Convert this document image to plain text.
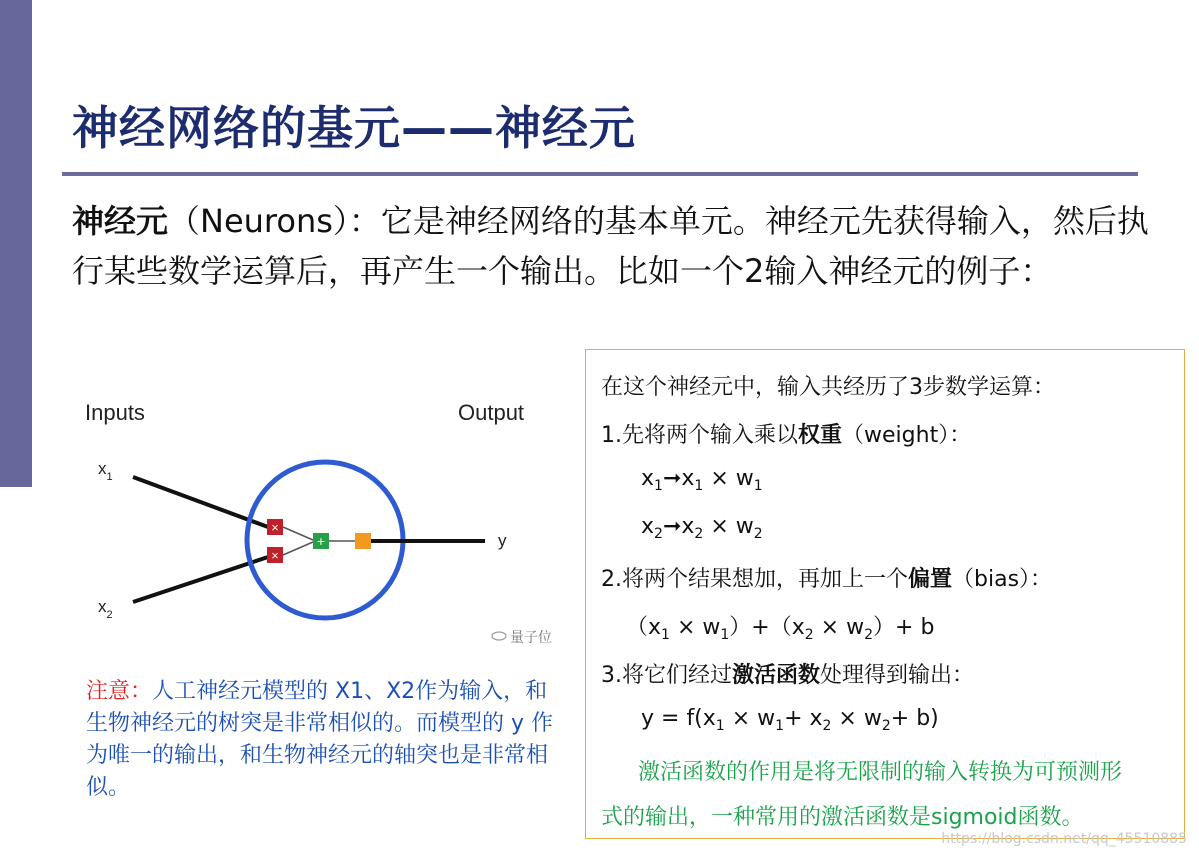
神经网络的基元——神经元

神经元（Neurons）：它是神经网络的基本单元。神经元先获得输入，然后执行某些数学运算后，再产生一个输出。比如一个2输入神经元的例子：

Inputs	Output
$x_1$
$x_2$
×
×
+	y
量子位

注意：人工神经元模型的 X1、X2作为输入，和生物神经元的树突是非常相似的。而模型的 y 作为唯一的输出，和生物神经元的轴突也是非常相似。

在这个神经元中，输入共经历了3步数学运算：

1.先将两个输入乘以权重（weight）：

$x_1➞x_1 \times w_1$

$x_2➞x_2 \times w_2$

2.将两个结果想加，再加上一个偏置（bias）：

$(x_1 \times w_1)+(x_2 \times w_2)+ b$

3.将它们经过激活函数处理得到输出：

$y = f(x_1 \times w_1+ x_2 \times w_2+ b)$

激活函数的作用是将无限制的输入转换为可预测形

式的输出，一种常用的激活函数是sigmoid函数。

https://blog.csdn.net/qq_45510885
